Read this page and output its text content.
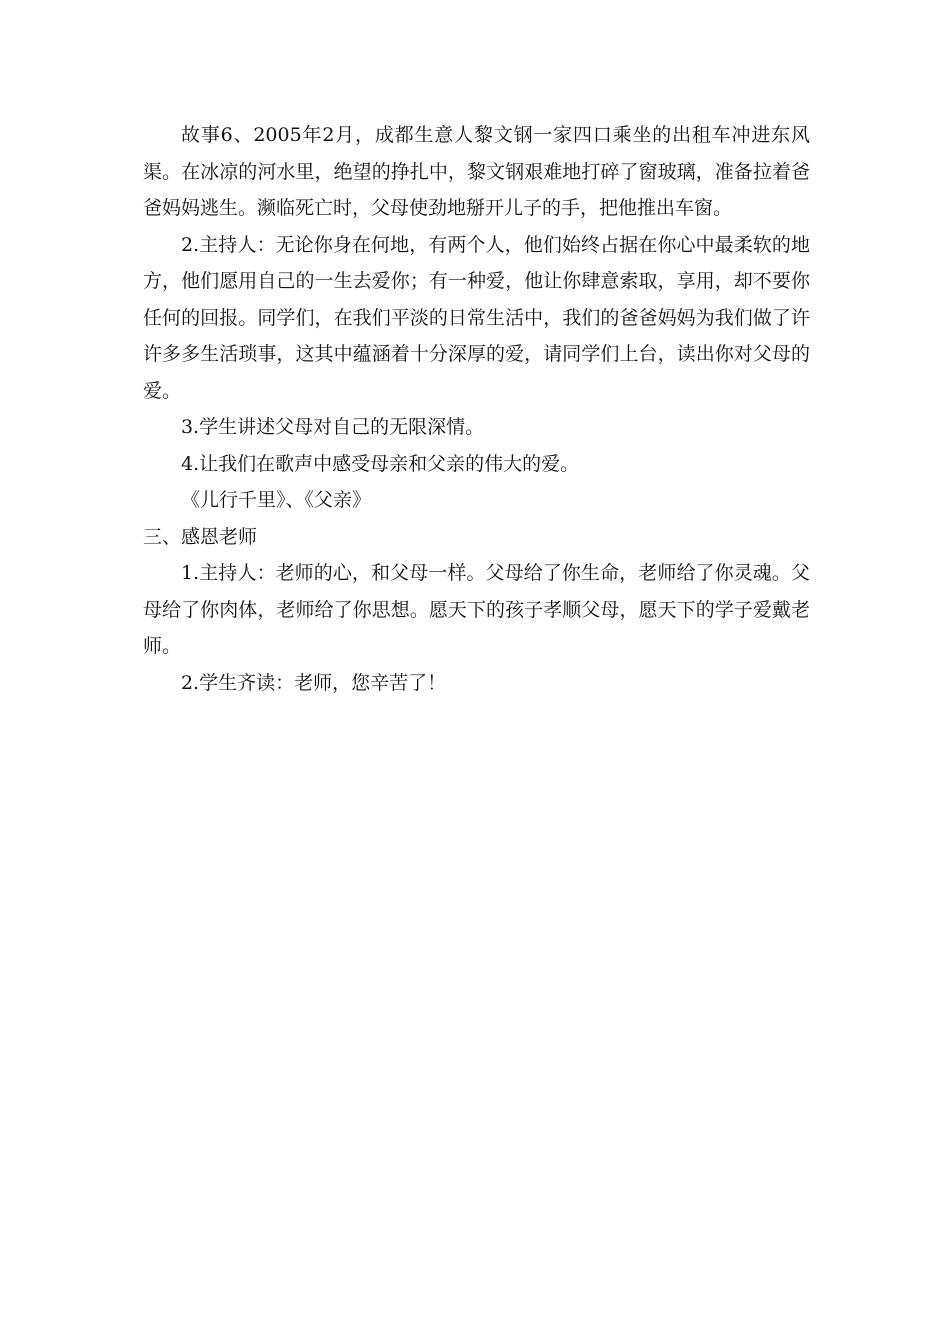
故事6、2005年2月，成都生意人黎文钢一家四口乘坐的出租车冲进东风渠。在冰凉的河水里，绝望的挣扎中，黎文钢艰难地打碎了窗玻璃，准备拉着爸爸妈妈逃生。濒临死亡时，父母使劲地掰开儿子的手，把他推出车窗。

2.主持人：无论你身在何地，有两个人，他们始终占据在你心中最柔软的地方，他们愿用自己的一生去爱你；有一种爱，他让你肆意索取，享用，却不要你任何的回报。同学们，在我们平淡的日常生活中，我们的爸爸妈妈为我们做了许许多多生活琐事，这其中蕴涵着十分深厚的爱，请同学们上台，读出你对父母的爱。

3.学生讲述父母对自己的无限深情。

4.让我们在歌声中感受母亲和父亲的伟大的爱。

《儿行千里》、《父亲》

三、感恩老师

1.主持人：老师的心，和父母一样。父母给了你生命，老师给了你灵魂。父母给了你肉体，老师给了你思想。愿天下的孩子孝顺父母，愿天下的学子爱戴老师。

2.学生齐读：老师，您辛苦了！
